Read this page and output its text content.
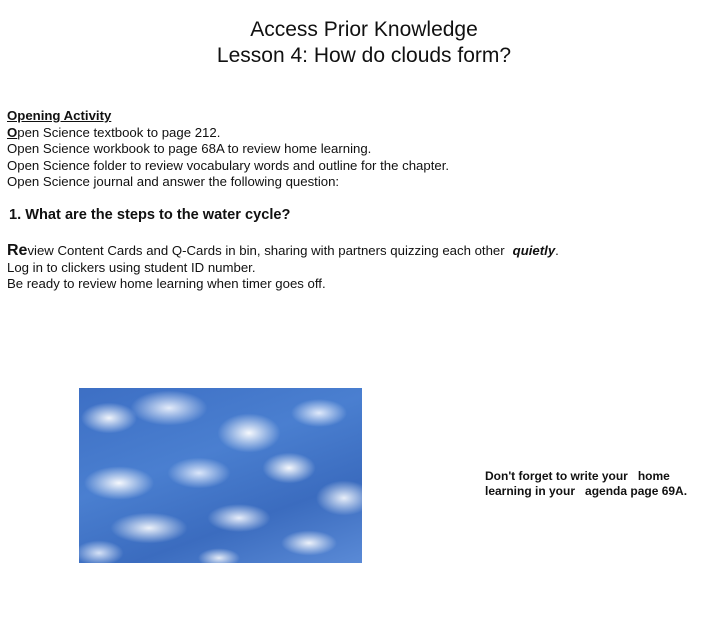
Access Prior Knowledge
Lesson 4: How do clouds form?
Opening Activity
Open Science textbook to page 212.
Open Science workbook to page 68A to review home learning.
Open Science folder to review vocabulary words and outline for the chapter.
Open Science journal and answer the following question:
1. What are the steps to the water cycle?
Review Content Cards and Q-Cards in bin, sharing with partners quizzing each other quietly.
Log in to clickers using student ID number.
Be ready to review home learning when timer goes off.
Don't forget to write your   home
learning in your   agenda page 69A.
